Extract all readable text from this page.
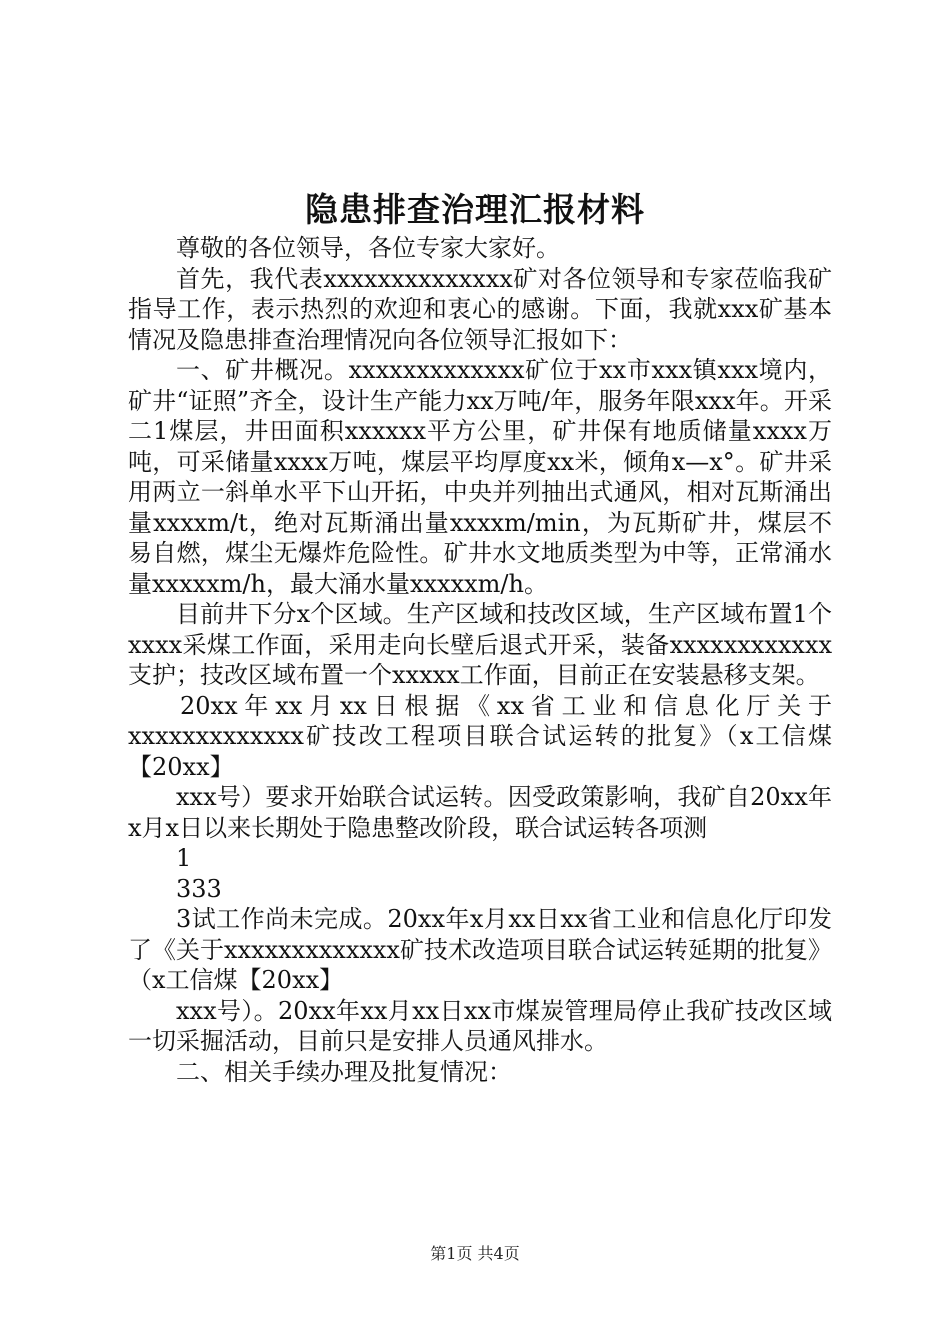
隐患排查治理汇报材料

尊敬的各位领导，各位专家大家好。

首先，我代表xxxxxxxxxxxxxx矿对各位领导和专家莅临我矿指导工作，表示热烈的欢迎和衷心的感谢。下面，我就xxx矿基本情况及隐患排查治理情况向各位领导汇报如下：

一、矿井概况。xxxxxxxxxxxxx矿位于xx市xxx镇xxx境内，矿井“证照”齐全，设计生产能力xx万吨/年，服务年限xxx年。开采二1煤层，井田面积xxxxxx平方公里，矿井保有地质储量xxxx万吨，可采储量xxxx万吨，煤层平均厚度xx米，倾角x—x°。矿井采用两立一斜单水平下山开拓，中央并列抽出式通风，相对瓦斯涌出量xxxxm/t，绝对瓦斯涌出量xxxxm/min，为瓦斯矿井，煤层不易自燃，煤尘无爆炸危险性。矿井水文地质类型为中等，正常涌水量xxxxxm/h，最大涌水量xxxxxm/h。

目前井下分x个区域。生产区域和技改区域，生产区域布置1个xxxx采煤工作面，采用走向长壁后退式开采，装备xxxxxxxxxxxx支护；技改区域布置一个xxxxx工作面，目前正在安装悬移支架。

20xx年xx月xx日根据《xx省工业和信息化厅关于xxxxxxxxxxxxx矿技改工程项目联合试运转的批复》（x工信煤【20xx】

xxx号）要求开始联合试运转。因受政策影响，我矿自20xx年x月x日以来长期处于隐患整改阶段，联合试运转各项测

1

333

3试工作尚未完成。20xx年x月xx日xx省工业和信息化厅印发了《关于xxxxxxxxxxxxx矿技术改造项目联合试运转延期的批复》（x工信煤【20xx】

xxx号）。20xx年xx月xx日xx市煤炭管理局停止我矿技改区域一切采掘活动，目前只是安排人员通风排水。

二、相关手续办理及批复情况：

第1页 共4页
